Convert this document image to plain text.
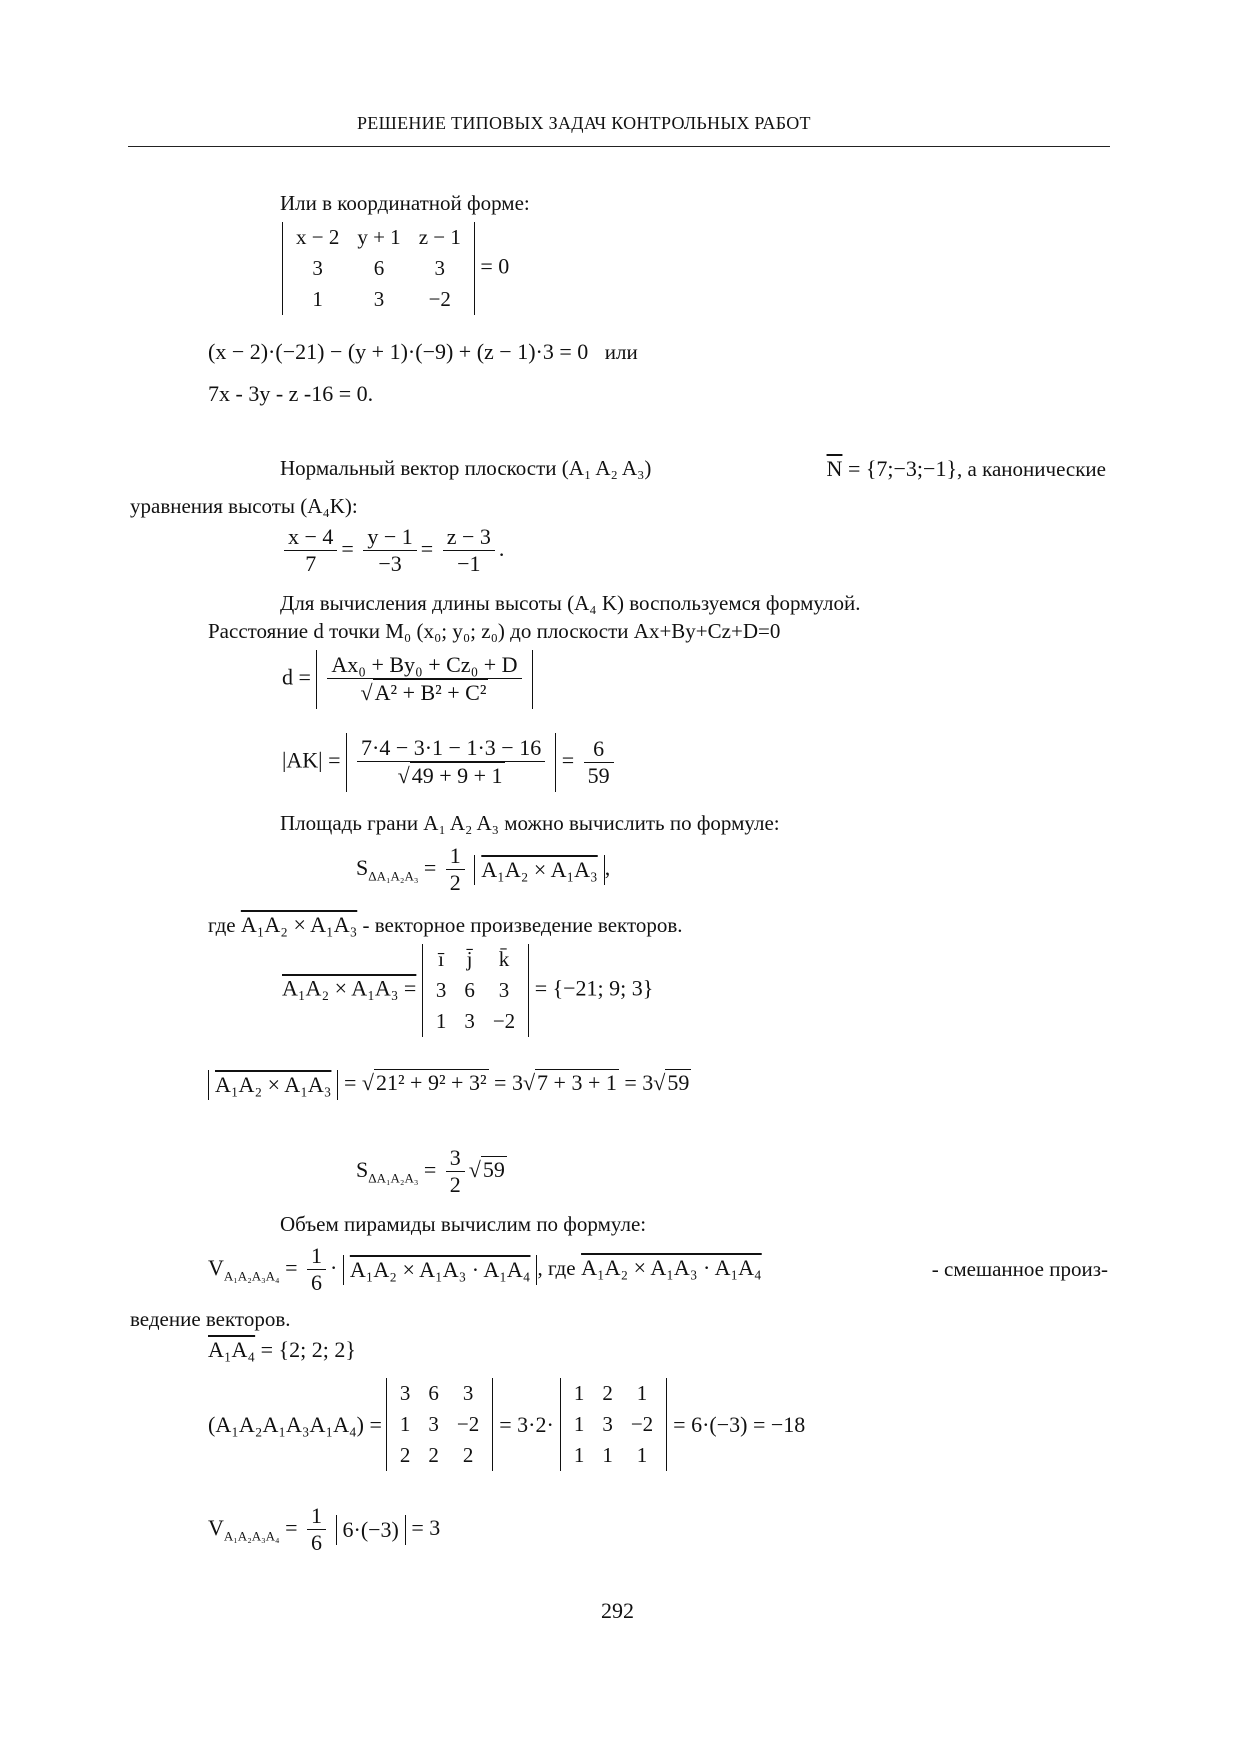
РЕШЕНИЕ ТИПОВЫХ ЗАДАЧ КОНТРОЛЬНЫХ РАБОТ
Или в координатной форме:
x − 2	y + 1	z − 1
3	6	3
1	3	−2
= 0
(x − 2)·(−21) − (y + 1)·(−9) + (z − 1)·3 = 0 или
7x - 3y - z -16 = 0.
Нормальный вектор плоскости (A₁ A₂ A₃)	$\overline{N}$ = {7;−3;−1}, а канонические
уравнения высоты (A₄K):
$\frac{x - 4}{7} = \frac{y - 1}{-3} = \frac{z - 3}{-1}$ .
Для вычисления длины высоты (A₄ K) воспользуемся формулой.
Расстояние d точки M₀ (x₀; y₀; z₀) до плоскости Ax+By+Cz+D=0
$d = \frac{\text{Ax₀ + By₀ + Cz₀ + D}}{\text{√A² + B² + C²}}$
$|AK| = \frac{7\cdot 4 - 3\cdot 1 - 1\cdot 3 - 16}{√49 + 9 + 1} = \frac{6}{59}$
Площадь грани A₁ A₂ A₃ можно вычислить по формуле:
$S_{\Delta A_1A_2A_3} = \frac{1}{2} A_1A_2 \times A_1A_3$ ,
где A₁A₂ × A₁A₃ - векторное произведение векторов.
A₁A₂ × A₁A₃ =
ī	j̄	k̄
3	6	3
1	3	−2
= {−21; 9; 3}
A₁A₂ × A₁A₃ = √21² + 9² + 3² = 3√7 + 3 + 1 = 3√59
$S_{\Delta A_1A_2A_3} = \frac{3}{2} √59$
Объем пирамиды вычислим по формуле:
$V_{A_1A_2A_3A_4} = \frac{1}{6} \cdot A_1A_2 \times A_1A_3 \cdot A_1A_4$ , где A₁A₂ × A₁A₃ · A₁A₄	- смешанное произ-
ведение векторов.
A₁A₄ = {2; 2; 2}
(A₁A₂A₁A₃A₁A₄) =
3	6	3
1	3	−2
2	2	2
= 3·2·
1	2	1
1	3	−2
1	1	1
= 6·(−3) = −18
$V_{A_1A_2A_3A_4} = \frac{1}{6} 6\cdot(-3) = 3$
292
